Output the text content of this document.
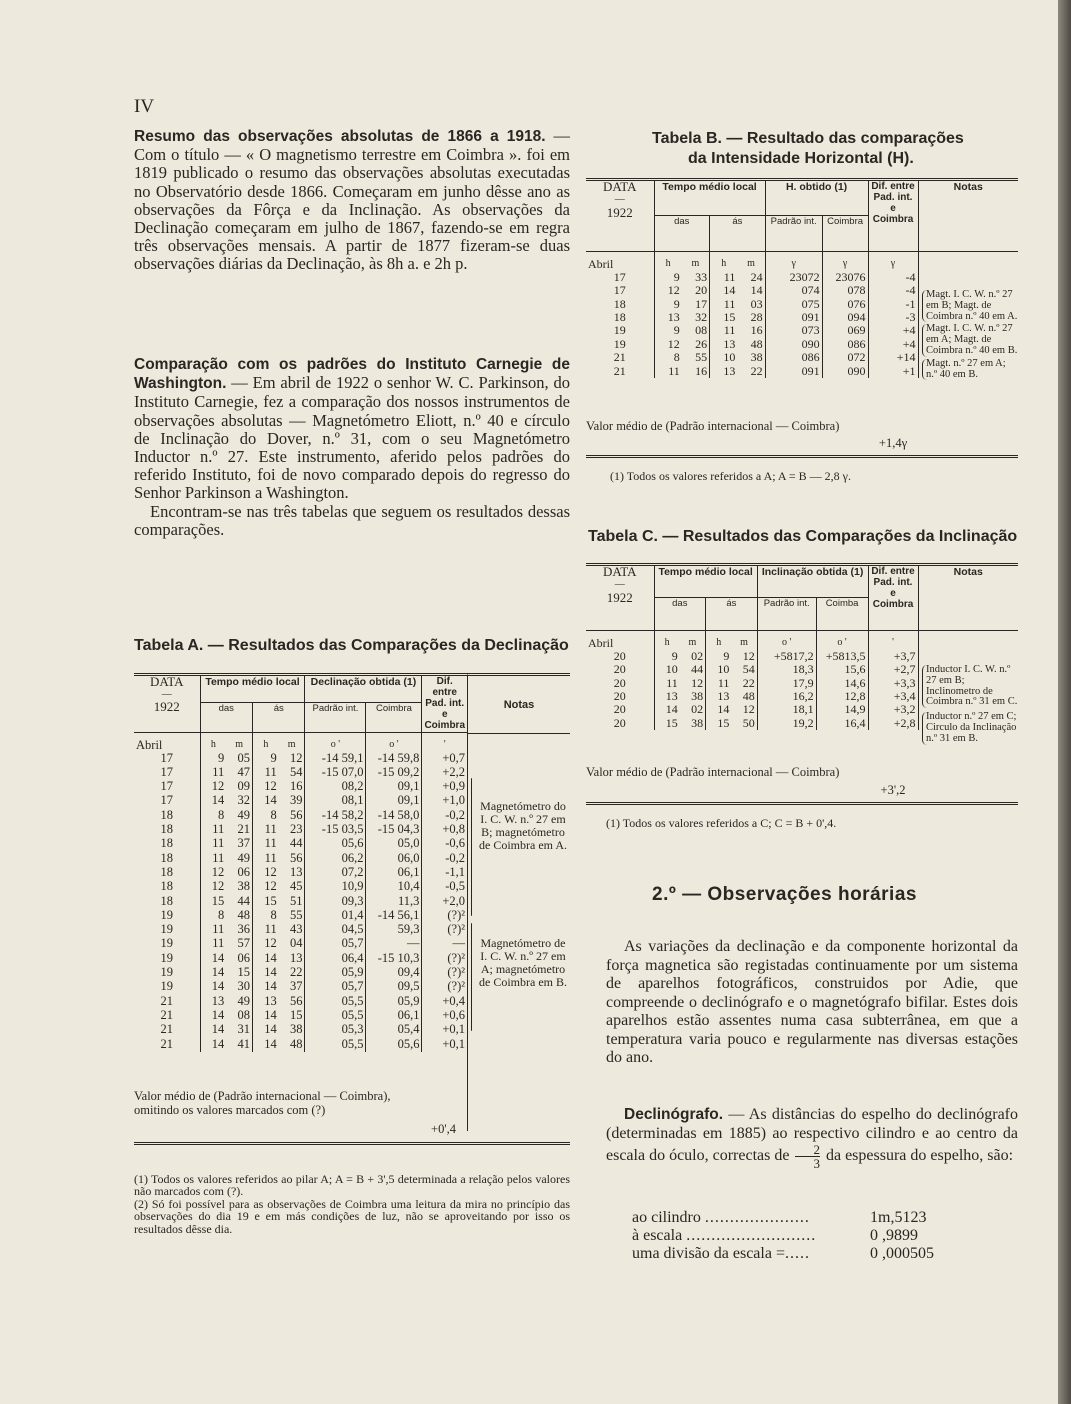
IV

Resumo das observações absolutas de 1866 a 1918. — Com o título — « O magnetismo terrestre em Coimbra ». foi em 1819 publicado o resumo das observações absolutas executadas no Observatório desde 1866. Começaram em junho dêsse ano as observações da Fôrça e da Inclinação. As observações da Declinação começaram em julho de 1867, fazendo-se em regra três observações mensais. A partir de 1877 fizeram-se duas observações diárias da Declinação, às 8h a. e 2h p.

Comparação com os padrões do Instituto Carnegie de Washington. — Em abril de 1922 o senhor W. C. Parkinson, do Instituto Carnegie, fez a comparação dos nossos instrumentos de observações absolutas — Magnetómetro Eliott, n.º 40 e círculo de Inclinação do Dover, n.º 31, com o seu Magnetómetro Inductor n.º 27. Este instrumento, aferido pelos padrões do referido Instituto, foi de novo comparado depois do regresso do Senhor Parkinson a Washington.

Encontram-se nas três tabelas que seguem os resultados dessas comparações.

Tabela A. — Resultados das Comparações da Declinação
DATA
—
1922	Tempo médio local				Declinação obtida (1)		Dif. entre Pad. int. e Coimbra
	das		ás		Padrão int.	Coimbra	
Abril	h	m	h	m	o '	o '	'
17	9	05	9	12	-14 59,1	-14 59,8	+0,7
17	11	47	11	54	-15 07,0	-15 09,2	+2,2
17	12	09	12	16	08,2	09,1	+0,9
17	14	32	14	39	08,1	09,1	+1,0
18	8	49	8	56	-14 58,2	-14 58,0	-0,2
18	11	21	11	23	-15 03,5	-15 04,3	+0,8
18	11	37	11	44	05,6	05,0	-0,6
18	11	49	11	56	06,2	06,0	-0,2
18	12	06	12	13	07,2	06,1	-1,1
18	12	38	12	45	10,9	10,4	-0,5
18	15	44	15	51	09,3	11,3	+2,0
19	8	48	8	55	01,4	-14 56,1	(?)²
19	11	36	11	43	04,5	59,3	(?)²
19	11	57	12	04	05,7	—	—
19	14	06	14	13	06,4	-15 10,3	(?)²
19	14	15	14	22	05,9	09,4	(?)²
19	14	30	14	37	05,7	09,5	(?)²
21	13	49	13	56	05,5	05,9	+0,4
21	14	08	14	15	05,5	06,1	+0,6
21	14	31	14	38	05,3	05,4	+0,1
21	14	41	14	48	05,5	05,6	+0,1
Notas
Magnetómetro do I. C. W. n.º 27 em B; magnetómetro de Coimbra em A.
Magnetómetro de I. C. W. n.º 27 em A; magnetómetro de Coimbra em B.
Valor médio de (Padrão internacional — Coimbra), omitindo os valores marcados com (?)
+0',4
(1) Todos os valores referidos ao pilar A; A = B + 3',5 determinada a relação pelos valores não marcados com (?).
(2) Só foi possível para as observações de Coimbra uma leitura da mira no princípio das observações do dia 19 e em más condições de luz, não se aproveitando por isso os resultados dêsse dia.
Tabela B. — Resultado das comparações
da Intensidade Horizontal (H).
DATA
—
1922	Tempo médio local				H. obtido (1)		Dif. entre Pad. int. e Coimbra	Notas
	das		ás		Padrão int.	Coimbra		
Abril	h	m	h	m	γ	γ	γ	
17	9	33	11	24	23072	23076	-4	
17	12	20	14	14	074	078	-4	
18	9	17	11	03	075	076	-1	
18	13	32	15	28	091	094	-3	
19	9	08	11	16	073	069	+4	
19	12	26	13	48	090	086	+4	
21	8	55	10	38	086	072	+14	
21	11	16	13	22	091	090	+1	
Magt. I. C. W. n.º 27 em B; Magt. de Coimbra n.º 40 em A.
Magt. I. C. W. n.º 27 em A; Magt. de Coimbra n.º 40 em B.
Magt. n.º 27 em A; n.º 40 em B.
Valor médio de (Padrão internacional — Coimbra)
+1,4γ
(1) Todos os valores referidos a A; A = B — 2,8 γ.
Tabela C. — Resultados das Comparações da Inclinação
DATA
—
1922	Tempo médio local				Inclinação obtida (1)		Dif. entre Pad. int. e Coimbra	Notas
	das		ás		Padrão int.	Coimba		
Abril	h	m	h	m	o '	o '	'	
20	9	02	9	12	+5817,2	+5813,5	+3,7	
20	10	44	10	54	18,3	15,6	+2,7	
20	11	12	11	22	17,9	14,6	+3,3	
20	13	38	13	48	16,2	12,8	+3,4	
20	14	02	14	12	18,1	14,9	+3,2	
20	15	38	15	50	19,2	16,4	+2,8	
Inductor I. C. W. n.º 27 em B; Inclinometro de Coimbra n.º 31 em C.
Inductor n.º 27 em C; Circulo da Inclinação n.º 31 em B.
Valor médio de (Padrão internacional — Coimbra)
+3',2
(1) Todos os valores referidos a C; C = B + 0',4.
2.º — Observações horárias

As variações da declinação e da componente horizontal da força magnetica são registadas continuamente por um sistema de aparelhos fotográficos, construidos por Adie, que compreende o declinógrafo e o magnetógrafo bifilar. Estes dois aparelhos estão assentes numa casa subterrânea, em que a temperatura varia pouco e regularmente nas diversas estações do ano.

Declinógrafo. — As distâncias do espelho do declinógrafo (determinadas em 1885) ao respectivo cilindro e ao centro da escala do óculo, correctas de $\frac{2}{3}$ da espessura do espelho, são:

ao cilindro .....................	1m,5123
à escala ..........................	0 ,9899
uma divisão da escala =.....	0 ,000505
